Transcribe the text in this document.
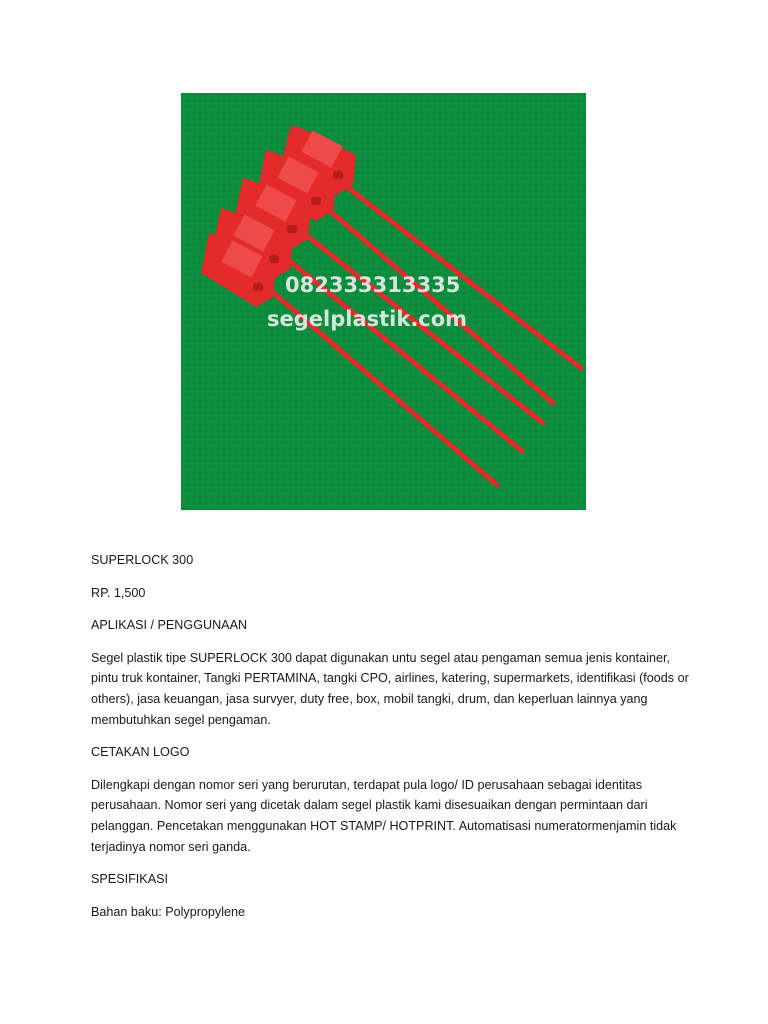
082333313335
segelplastik.com

SUPERLOCK 300

RP. 1,500

APLIKASI / PENGGUNAAN

Segel plastik tipe SUPERLOCK 300 dapat digunakan untu segel atau pengaman semua jenis kontainer, pintu truk kontainer, Tangki PERTAMINA, tangki CPO, airlines, katering, supermarkets, identifikasi (foods or others), jasa keuangan, jasa survyer, duty free, box, mobil tangki, drum, dan keperluan lainnya yang membutuhkan segel pengaman.

CETAKAN LOGO

Dilengkapi dengan nomor seri yang berurutan, terdapat pula logo/ ID perusahaan sebagai identitas perusahaan. Nomor seri yang dicetak dalam segel plastik kami disesuaikan dengan permintaan dari pelanggan. Pencetakan menggunakan HOT STAMP/ HOTPRINT. Automatisasi numeratormenjamin tidak terjadinya nomor seri ganda.

SPESIFIKASI

Bahan baku: Polypropylene
